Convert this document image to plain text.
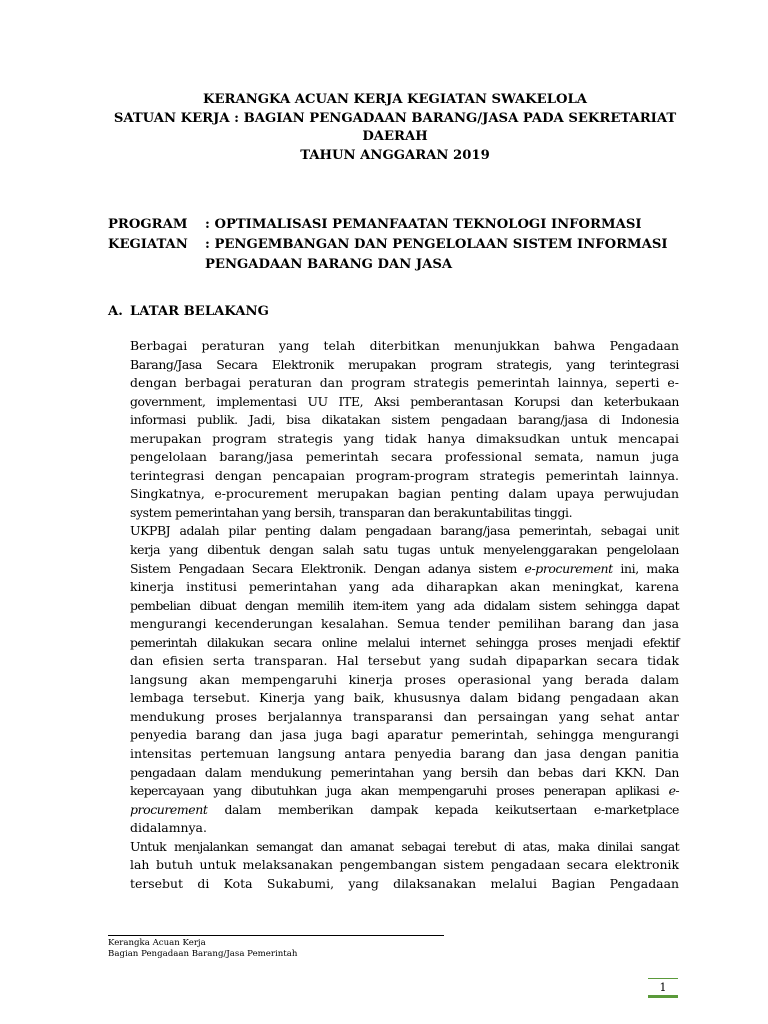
KERANGKA ACUAN KERJA KEGIATAN SWAKELOLA
SATUAN KERJA : BAGIAN PENGADAAN BARANG/JASA PADA SEKRETARIAT
DAERAH
TAHUN ANGGARAN 2019
PROGRAM	: OPTIMALISASI PEMANFAATAN TEKNOLOGI INFORMASI
KEGIATAN	: PENGEMBANGAN DAN PENGELOLAAN SISTEM INFORMASI
PENGADAAN BARANG DAN JASA
A. LATAR BELAKANG
Berbagai peraturan yang telah diterbitkan menunjukkan bahwa Pengadaan
Barang/Jasa Secara Elektronik merupakan program strategis, yang terintegrasi
dengan berbagai peraturan dan program strategis pemerintah lainnya, seperti e-
government, implementasi UU ITE, Aksi pemberantasan Korupsi dan keterbukaan
informasi publik. Jadi, bisa dikatakan sistem pengadaan barang/jasa di Indonesia
merupakan program strategis yang tidak hanya dimaksudkan untuk mencapai
pengelolaan barang/jasa pemerintah secara professional semata, namun juga
terintegrasi dengan pencapaian program-program strategis pemerintah lainnya.
Singkatnya, e-procurement merupakan bagian penting dalam upaya perwujudan
system pemerintahan yang bersih, transparan dan berakuntabilitas tinggi.
UKPBJ adalah pilar penting dalam pengadaan barang/jasa pemerintah, sebagai unit
kerja yang dibentuk dengan salah satu tugas untuk menyelenggarakan pengelolaan
Sistem Pengadaan Secara Elektronik. Dengan adanya sistem e-procurement ini, maka
kinerja institusi pemerintahan yang ada diharapkan akan meningkat, karena
pembelian dibuat dengan memilih item-item yang ada didalam sistem sehingga dapat
mengurangi kecenderungan kesalahan. Semua tender pemilihan barang dan jasa
pemerintah dilakukan secara online melalui internet sehingga proses menjadi efektif
dan efisien serta transparan. Hal tersebut yang sudah dipaparkan secara tidak
langsung akan mempengaruhi kinerja proses operasional yang berada dalam
lembaga tersebut. Kinerja yang baik, khususnya dalam bidang pengadaan akan
mendukung proses berjalannya transparansi dan persaingan yang sehat antar
penyedia barang dan jasa juga bagi aparatur pemerintah, sehingga mengurangi
intensitas pertemuan langsung antara penyedia barang dan jasa dengan panitia
pengadaan dalam mendukung pemerintahan yang bersih dan bebas dari KKN. Dan
kepercayaan yang dibutuhkan juga akan mempengaruhi proses penerapan aplikasi e-
procurement dalam memberikan dampak kepada keikutsertaan e-marketplace
didalamnya.
Untuk menjalankan semangat dan amanat sebagai terebut di atas, maka dinilai sangat
lah butuh untuk melaksanakan pengembangan sistem pengadaan secara elektronik
tersebut di Kota Sukabumi, yang dilaksanakan melalui Bagian Pengadaan
Kerangka Acuan Kerja
Bagian Pengadaan Barang/Jasa Pemerintah
1
